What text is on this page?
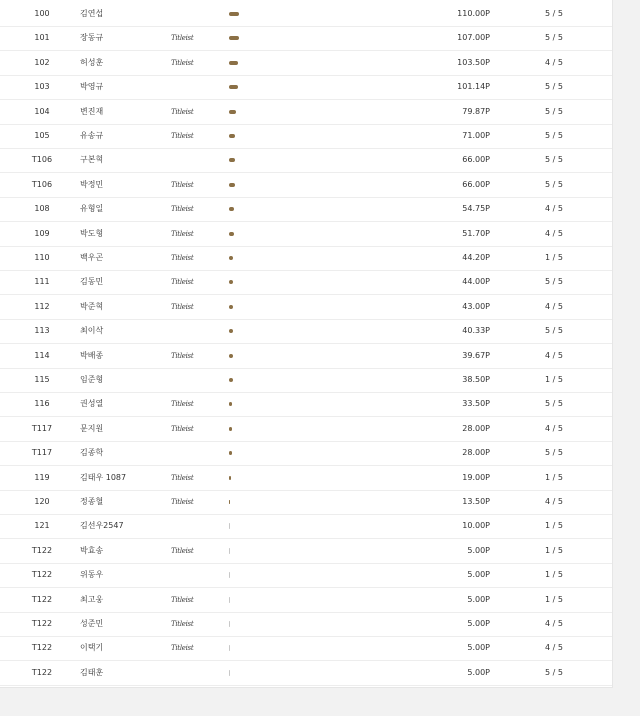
100	김연섭	110.00P	5 / 5
101	장동규	Titleist	107.00P	5 / 5
102	허성훈	Titleist	103.50P	4 / 5
103	박영규	101.14P	5 / 5
104	변진재	Titleist	79.87P	5 / 5
105	유송규	Titleist	71.00P	5 / 5
T106	구본혁	66.00P	5 / 5
T106	박정민	Titleist	66.00P	5 / 5
108	유형일	Titleist	54.75P	4 / 5
109	박도형	Titleist	51.70P	4 / 5
110	백우곤	Titleist	44.20P	1 / 5
111	김동민	Titleist	44.00P	5 / 5
112	박준혁	Titleist	43.00P	4 / 5
113	최이삭	40.33P	5 / 5
114	박배종	Titleist	39.67P	4 / 5
115	임준형	38.50P	1 / 5
116	권성열	Titleist	33.50P	5 / 5
T117	문지원	Titleist	28.00P	4 / 5
T117	김종학	28.00P	5 / 5
119	김태우 1087	Titleist	19.00P	1 / 5
120	정종혈	Titleist	13.50P	4 / 5
121	김선우2547	10.00P	1 / 5
T122	박효송	Titleist	5.00P	1 / 5
T122	위동우	5.00P	1 / 5
T122	최고웅	Titleist	5.00P	1 / 5
T122	성준민	Titleist	5.00P	4 / 5
T122	이택기	Titleist	5.00P	4 / 5
T122	김태훈	5.00P	5 / 5
